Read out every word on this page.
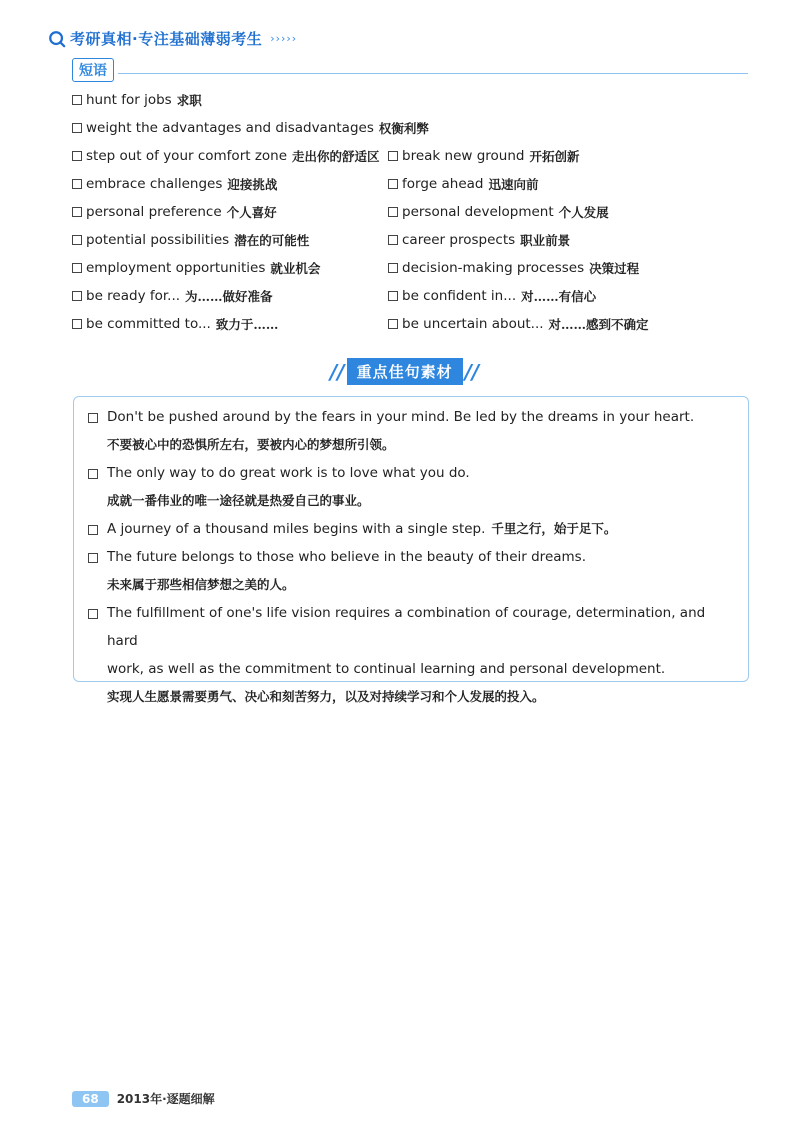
考研真相·专注基础薄弱考生 ›››››
短语
hunt for jobs 求职
weight the advantages and disadvantages 权衡利弊
step out of your comfort zone 走出你的舒适区 break new ground 开拓创新
embrace challenges 迎接挑战	forge ahead 迅速向前
personal preference 个人喜好	personal development 个人发展
potential possibilities 潜在的可能性	career prospects 职业前景
employment opportunities 就业机会	decision-making processes 决策过程
be ready for... 为……做好准备	be confident in... 对……有信心
be committed to... 致力于……	be uncertain about... 对……感到不确定
// 重点佳句素材 //
Don't be pushed around by the fears in your mind. Be led by the dreams in your heart.
不要被心中的恐惧所左右，要被内心的梦想所引领。
The only way to do great work is to love what you do.
成就一番伟业的唯一途径就是热爱自己的事业。
A journey of a thousand miles begins with a single step. 千里之行，始于足下。
The future belongs to those who believe in the beauty of their dreams.
未来属于那些相信梦想之美的人。
The fulfillment of one's life vision requires a combination of courage, determination, and hard
work, as well as the commitment to continual learning and personal development.
实现人生愿景需要勇气、决心和刻苦努力，以及对持续学习和个人发展的投入。
68	2013年·逐题细解
